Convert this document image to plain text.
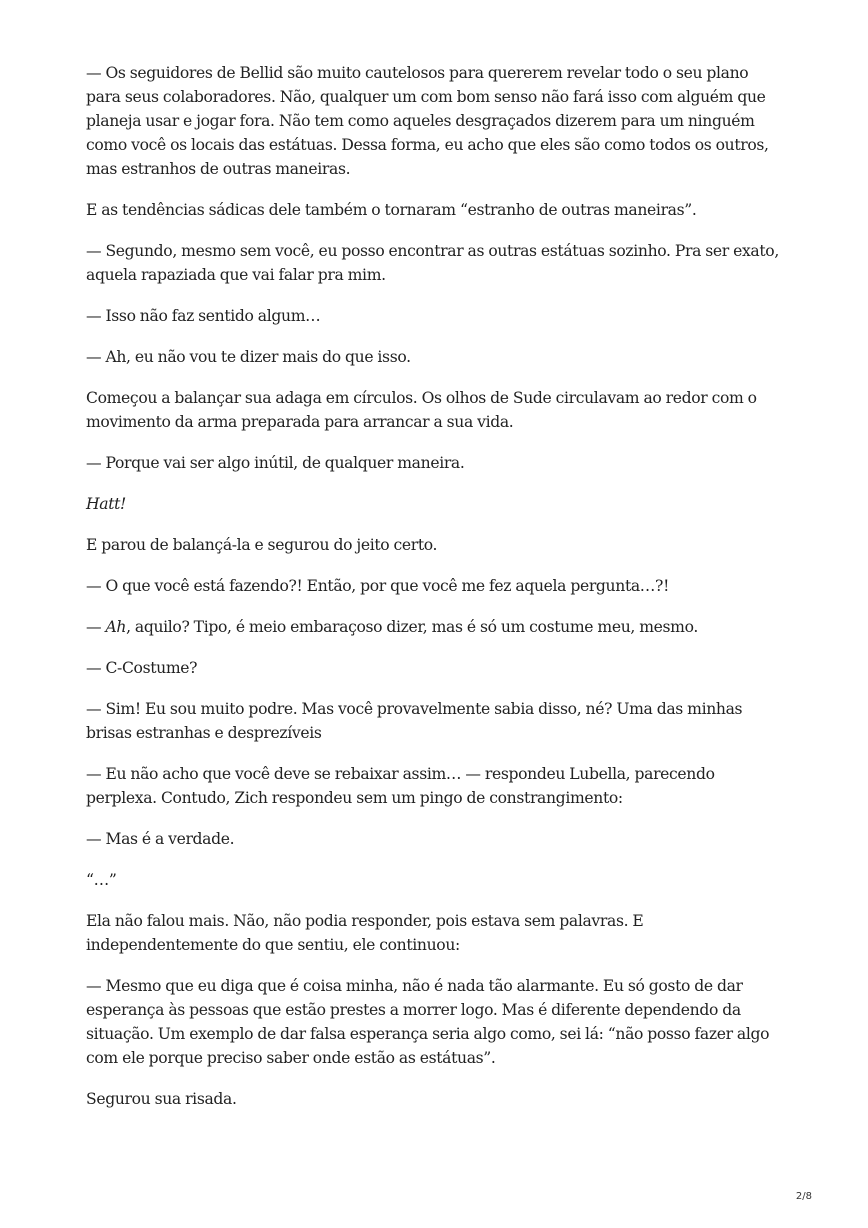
— Os seguidores de Bellid são muito cautelosos para quererem revelar todo o seu plano para seus colaboradores. Não, qualquer um com bom senso não fará isso com alguém que planeja usar e jogar fora. Não tem como aqueles desgraçados dizerem para um ninguém como você os locais das estátuas. Dessa forma, eu acho que eles são como todos os outros, mas estranhos de outras maneiras.

E as tendências sádicas dele também o tornaram “estranho de outras maneiras”.

— Segundo, mesmo sem você, eu posso encontrar as outras estátuas sozinho. Pra ser exato, aquela rapaziada que vai falar pra mim.

— Isso não faz sentido algum…

— Ah, eu não vou te dizer mais do que isso.

Começou a balançar sua adaga em círculos. Os olhos de Sude circulavam ao redor com o movimento da arma preparada para arrancar a sua vida.

— Porque vai ser algo inútil, de qualquer maneira.

Hatt!

E parou de balançá-la e segurou do jeito certo.

— O que você está fazendo?! Então, por que você me fez aquela pergunta…?!

— Ah, aquilo? Tipo, é meio embaraçoso dizer, mas é só um costume meu, mesmo.

— C-Costume?

— Sim! Eu sou muito podre. Mas você provavelmente sabia disso, né? Uma das minhas brisas estranhas e desprezíveis

— Eu não acho que você deve se rebaixar assim… — respondeu Lubella, parecendo perplexa. Contudo, Zich respondeu sem um pingo de constrangimento:

— Mas é a verdade.

“…”

Ela não falou mais. Não, não podia responder, pois estava sem palavras. E independentemente do que sentiu, ele continuou:

— Mesmo que eu diga que é coisa minha, não é nada tão alarmante. Eu só gosto de dar esperança às pessoas que estão prestes a morrer logo. Mas é diferente dependendo da situação. Um exemplo de dar falsa esperança seria algo como, sei lá: “não posso fazer algo com ele porque preciso saber onde estão as estátuas”.

Segurou sua risada.

2/8
